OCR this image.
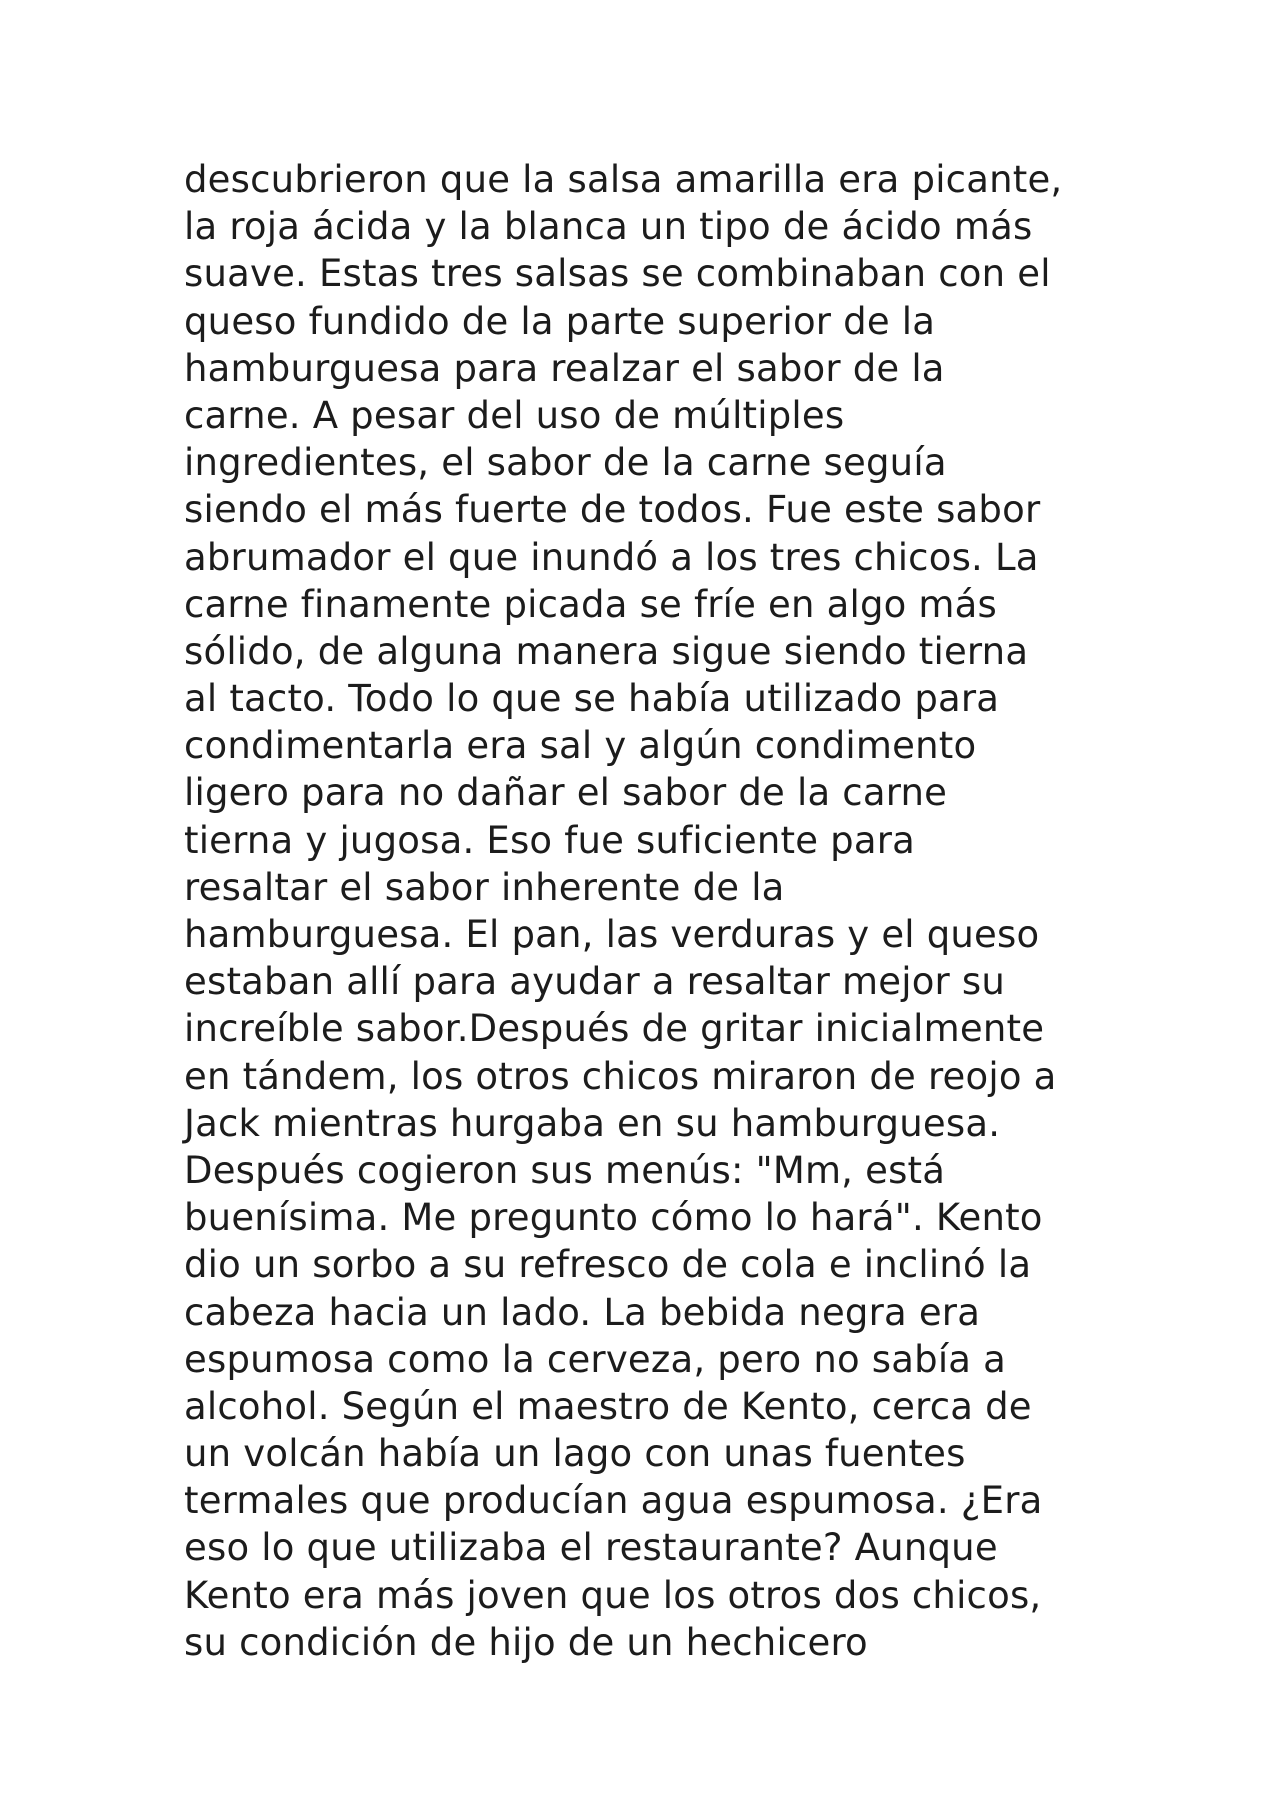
descubrieron que la salsa amarilla era picante,
la roja ácida y la blanca un tipo de ácido más
suave. Estas tres salsas se combinaban con el
queso fundido de la parte superior de la
hamburguesa para realzar el sabor de la
carne. A pesar del uso de múltiples
ingredientes, el sabor de la carne seguía
siendo el más fuerte de todos. Fue este sabor
abrumador el que inundó a los tres chicos. La
carne finamente picada se fríe en algo más
sólido, de alguna manera sigue siendo tierna
al tacto. Todo lo que se había utilizado para
condimentarla era sal y algún condimento
ligero para no dañar el sabor de la carne
tierna y jugosa. Eso fue suficiente para
resaltar el sabor inherente de la
hamburguesa. El pan, las verduras y el queso
estaban allí para ayudar a resaltar mejor su
increíble sabor.Después de gritar inicialmente
en tándem, los otros chicos miraron de reojo a
Jack mientras hurgaba en su hamburguesa.
Después cogieron sus menús: "Mm, está
buenísima. Me pregunto cómo lo hará". Kento
dio un sorbo a su refresco de cola e inclinó la
cabeza hacia un lado. La bebida negra era
espumosa como la cerveza, pero no sabía a
alcohol. Según el maestro de Kento, cerca de
un volcán había un lago con unas fuentes
termales que producían agua espumosa. ¿Era
eso lo que utilizaba el restaurante? Aunque
Kento era más joven que los otros dos chicos,
su condición de hijo de un hechicero
